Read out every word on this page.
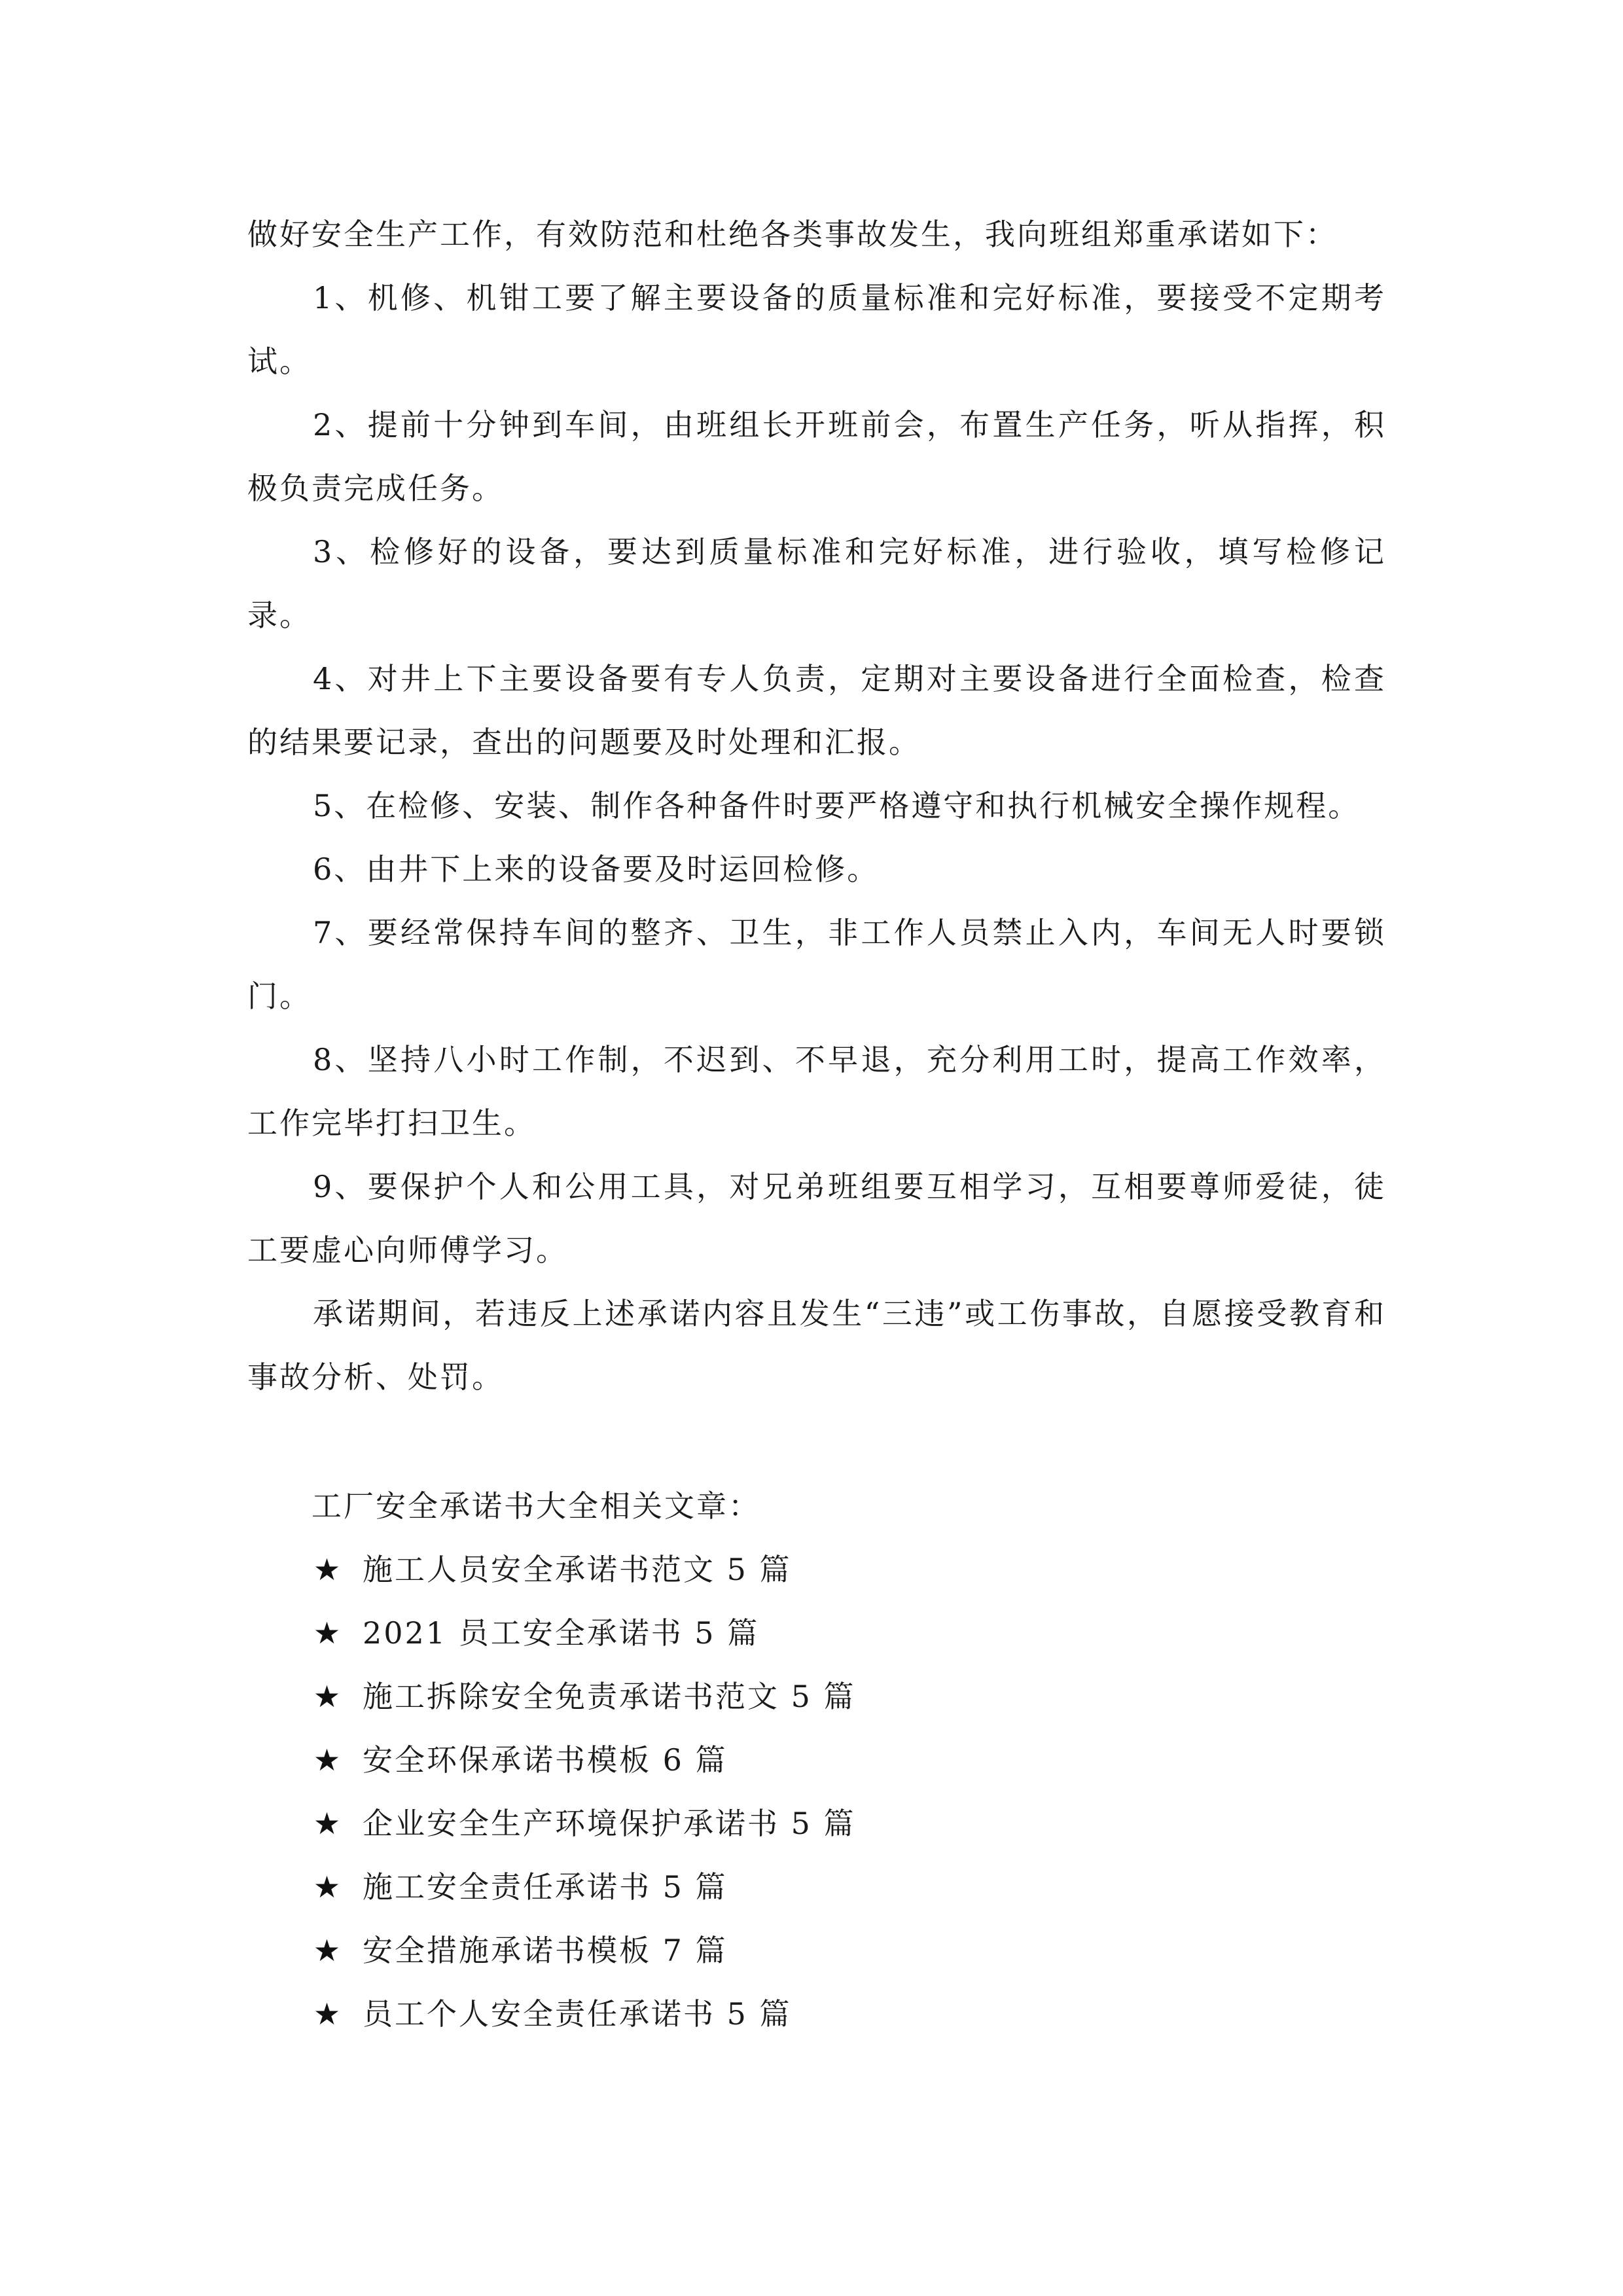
做好安全生产工作，有效防范和杜绝各类事故发生，我向班组郑重承诺如下：

1、机修、机钳工要了解主要设备的质量标准和完好标准，要接受不定期考试。

2、提前十分钟到车间，由班组长开班前会，布置生产任务，听从指挥，积极负责完成任务。

3、检修好的设备，要达到质量标准和完好标准，进行验收，填写检修记录。

4、对井上下主要设备要有专人负责，定期对主要设备进行全面检查，检查的结果要记录，查出的问题要及时处理和汇报。

5、在检修、安装、制作各种备件时要严格遵守和执行机械安全操作规程。

6、由井下上来的设备要及时运回检修。

7、要经常保持车间的整齐、卫生，非工作人员禁止入内，车间无人时要锁门。

8、坚持八小时工作制，不迟到、不早退，充分利用工时，提高工作效率，工作完毕打扫卫生。

9、要保护个人和公用工具，对兄弟班组要互相学习，互相要尊师爱徒，徒工要虚心向师傅学习。

承诺期间，若违反上述承诺内容且发生“三违”或工伤事故，自愿接受教育和事故分析、处罚。

工厂安全承诺书大全相关文章：

★ 施工人员安全承诺书范文 5 篇
★ 2021 员工安全承诺书 5 篇
★ 施工拆除安全免责承诺书范文 5 篇
★ 安全环保承诺书模板 6 篇
★ 企业安全生产环境保护承诺书 5 篇
★ 施工安全责任承诺书 5 篇
★ 安全措施承诺书模板 7 篇
★ 员工个人安全责任承诺书 5 篇
